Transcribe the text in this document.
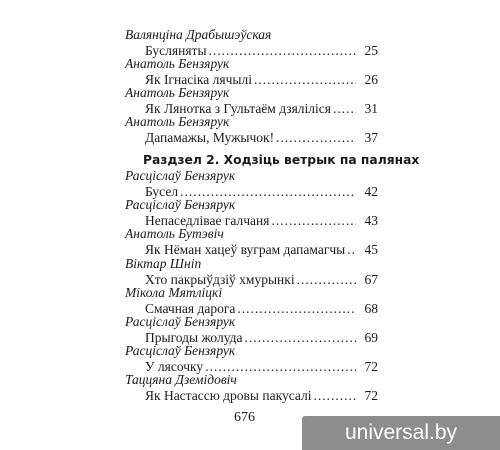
Валянціна Драбышэўская
Бусляняты .....	25
Анатоль Бензярук
Як Ігнасіка лячылі .....	26
Анатоль Бензярук
Як Лянотка з Гультаём дзяліліся .....	31
Анатоль Бензярук
Дапамажы, Мужычок! .....	37
Раздзел 2. Ходзіць ветрык па палянах
Расціслаў Бензярук
Бусел .....	42
Расціслаў Бензярук
Непаседлівае галчаня .....	43
Анатоль Бутэвіч
Як Нёман хацеў вуграм дапамагчы .....	45
Віктар Шніп
Хто пакрыўдзіў хмурынкі .....	67
Мікола Мятліцкі
Смачная дарога .....	68
Расціслаў Бензярук
Прыгоды жолуда .....	69
Расціслаў Бензярук
У лясочку .....	72
Таццяна Дземідовіч
Як Настассю дровы пакусалі .....	72
676
universal.by
